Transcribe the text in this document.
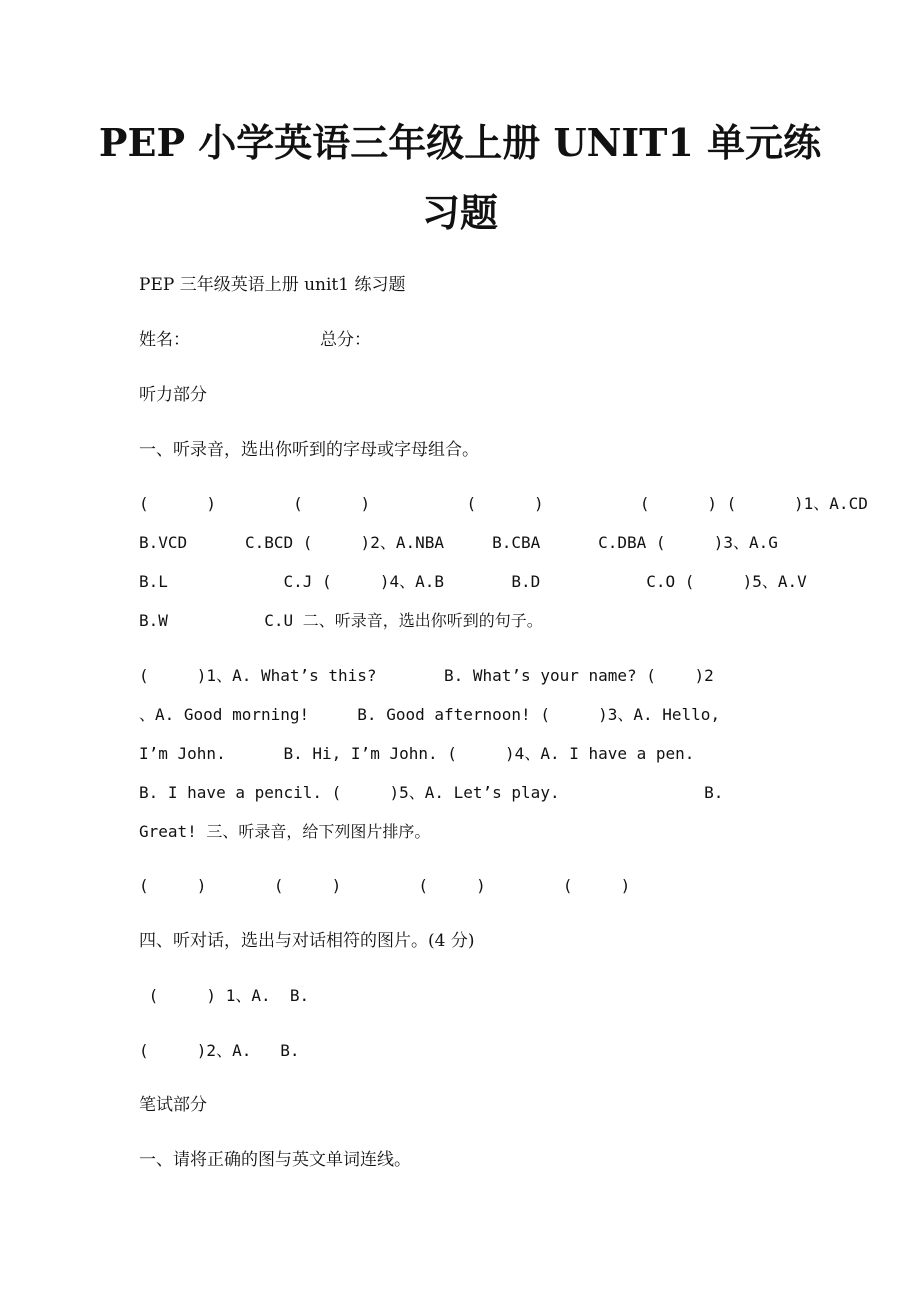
PEP 小学英语三年级上册 UNIT1 单元练
习题
PEP 三年级英语上册 unit1 练习题
姓名：	总分：
听力部分
一、听录音，选出你听到的字母或字母组合。
(      )        (      )          (      )          (      ) (      )1、A.CD
B.VCD      C.BCD (     )2、A.NBA     B.CBA      C.DBA (     )3、A.G
B.L            C.J (     )4、A.B       B.D           C.O (     )5、A.V
B.W          C.U 二、听录音，选出你听到的句子。
(     )1、A. What’s this?       B. What’s your name? (    )2
、A. Good morning!     B. Good afternoon! (     )3、A. Hello,
I’m John.      B. Hi, I’m John. (     )4、A. I have a pen.
B. I have a pencil. (     )5、A. Let’s play.               B.
Great! 三、听录音，给下列图片排序。
(     )       (     )        (     )        (     )
四、听对话，选出与对话相符的图片。(4 分)
(     ) 1、A.  B.
(     )2、A.   B.
笔试部分
一、请将正确的图与英文单词连线。
